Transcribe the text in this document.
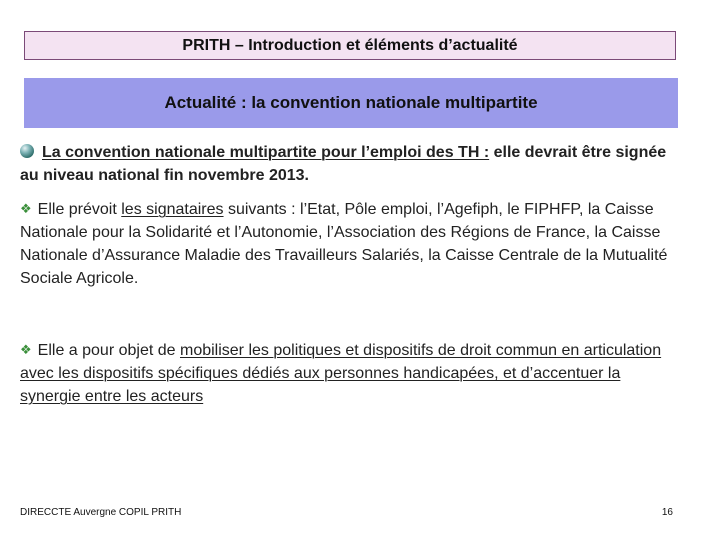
PRITH – Introduction et éléments d’actualité
Actualité : la convention nationale multipartite
La convention nationale multipartite pour l’emploi des TH : elle devrait être signée au niveau national fin novembre 2013.
❖ Elle prévoit les signataires suivants : l’Etat, Pôle emploi, l’Agefiph, le FIPHFP, la Caisse Nationale pour la Solidarité et l’Autonomie, l’Association des Régions de France, la Caisse Nationale d’Assurance Maladie des Travailleurs Salariés, la Caisse Centrale de la Mutualité Sociale Agricole.
❖ Elle a pour objet de mobiliser les politiques et dispositifs de droit commun en articulation avec les dispositifs spécifiques dédiés aux personnes handicapées, et d’accentuer la synergie entre les acteurs
DIRECCTE Auvergne COPIL PRITH	16
